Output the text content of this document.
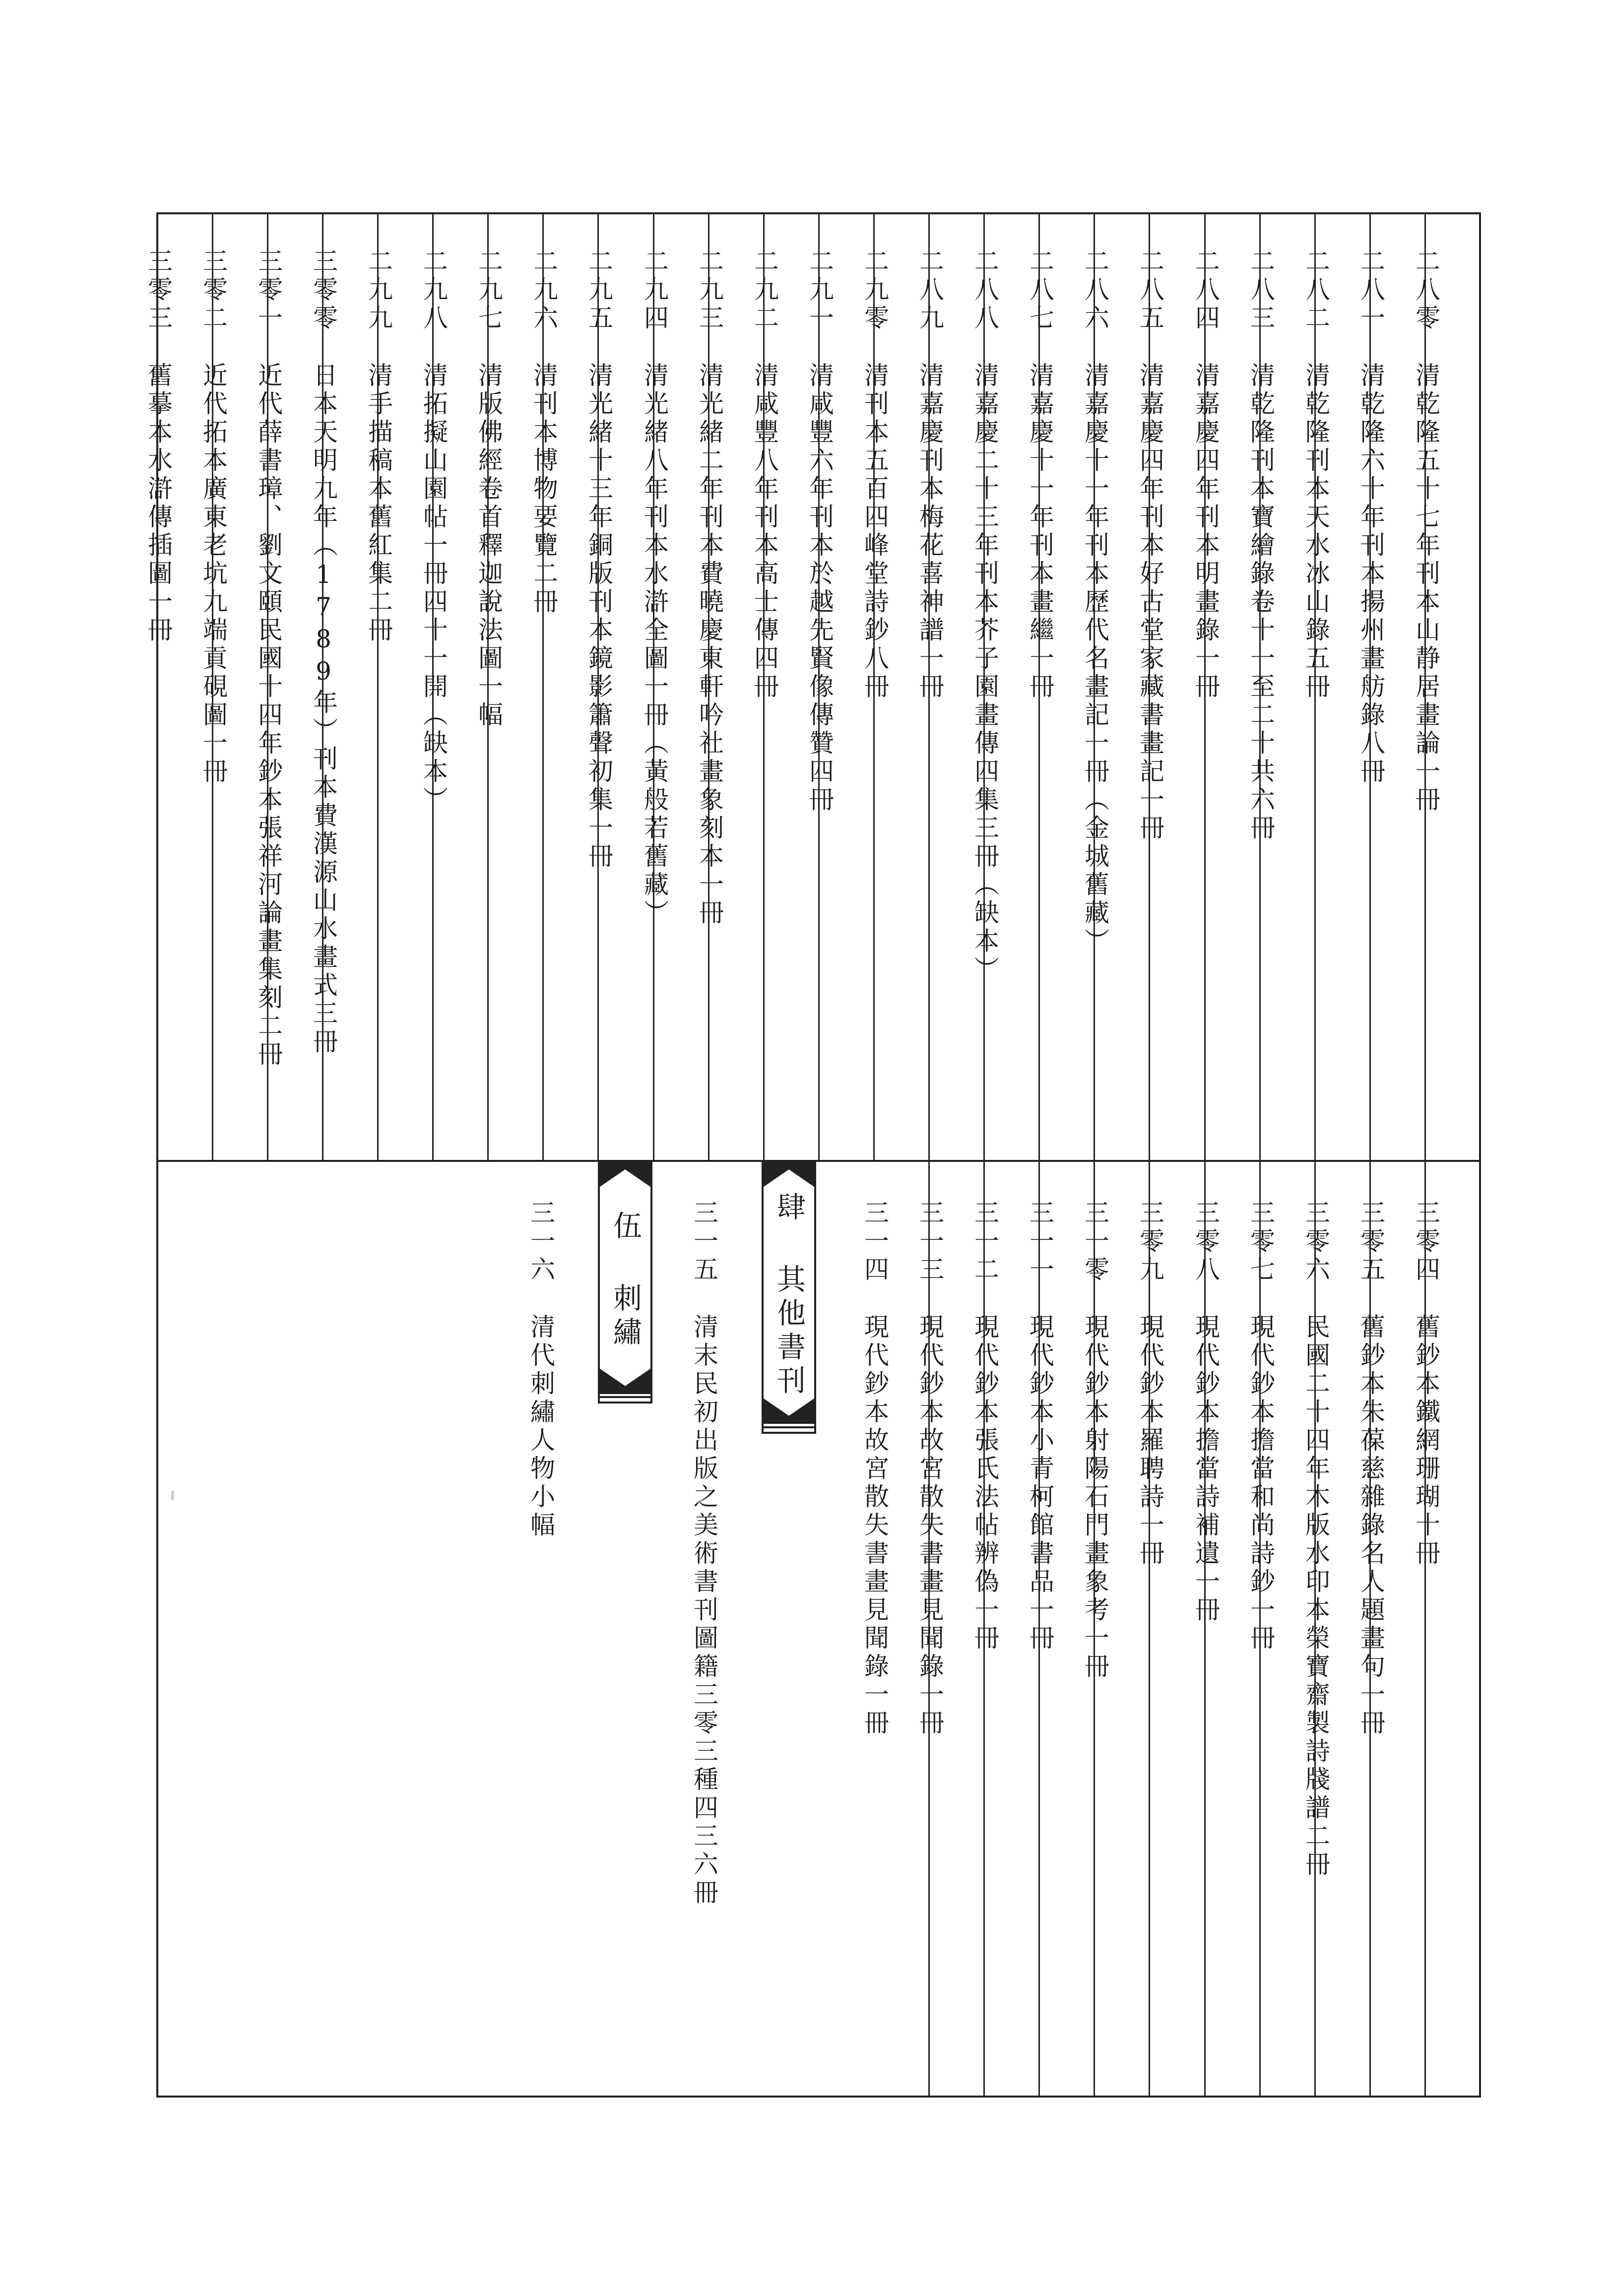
二八零
清乾隆五十七年刊本山静居畫論一冊
二八一
清乾隆六十年刊本揚州畫舫錄八冊
二八二
清乾隆刊本天水冰山錄五冊
二八三
清乾隆刊本寶繪錄卷十一至二十共六冊
二八四
清嘉慶四年刊本明畫錄一冊
二八五
清嘉慶四年刊本好古堂家藏書畫記一冊
二八六
清嘉慶十一年刊本歷代名畫記一冊（金城舊藏）
二八七
清嘉慶十一年刊本畫繼一冊
二八八
清嘉慶二十三年刊本芥子園畫傳四集三冊（缺本）
二八九
清嘉慶刊本梅花喜神譜一冊
二九零
清刊本五百四峰堂詩鈔八冊
二九一
清咸豐六年刊本於越先賢像傳贊四冊
二九二
清咸豐八年刊本高士傳四冊
二九三
清光緒二年刊本費曉慶東軒吟社畫象刻本一冊
二九四
清光緒八年刊本水滸全圖一冊（黃般若舊藏）
二九五
清光緒十三年銅版刊本鏡影簫聲初集一冊
二九六
清刊本博物要覽二冊
二九七
清版佛經卷首釋迦說法圖一幅
二九八
清拓擬山園帖一冊四十一開（缺本）
二九九
清手描稿本舊紅集二冊
三零零
日本天明九年（1789年）刊本費漢源山水畫式三冊
三零一
近代薛書璋、劉文頤民國十四年鈔本張祥河論畫集刻二冊
三零二
近代拓本廣東老坑九端貢硯圖一冊
三零三
舊摹本水滸傳插圖一冊
三零四
舊鈔本鐵網珊瑚十冊
三零五
舊鈔本朱葆慈雜錄名人題畫句一冊
三零六
民國二十四年木版水印本榮寶齋製詩牋譜二冊
三零七
現代鈔本擔當和尚詩鈔一冊
三零八
現代鈔本擔當詩補遺一冊
三零九
現代鈔本羅聘詩一冊
三一零
現代鈔本射陽石門畫象考一冊
三一一
現代鈔本小青柯館書品一冊
三一二
現代鈔本張氏法帖辨偽一冊
三一三
現代鈔本故宮散失書畫見聞錄一冊
三一四
現代鈔本故宮散失書畫見聞錄一冊
肆 其他書刊
伍 刺繡	三一五
清末民初出版之美術書刊圖籍三零三種四三六冊
三一六
清代刺繡人物小幅
